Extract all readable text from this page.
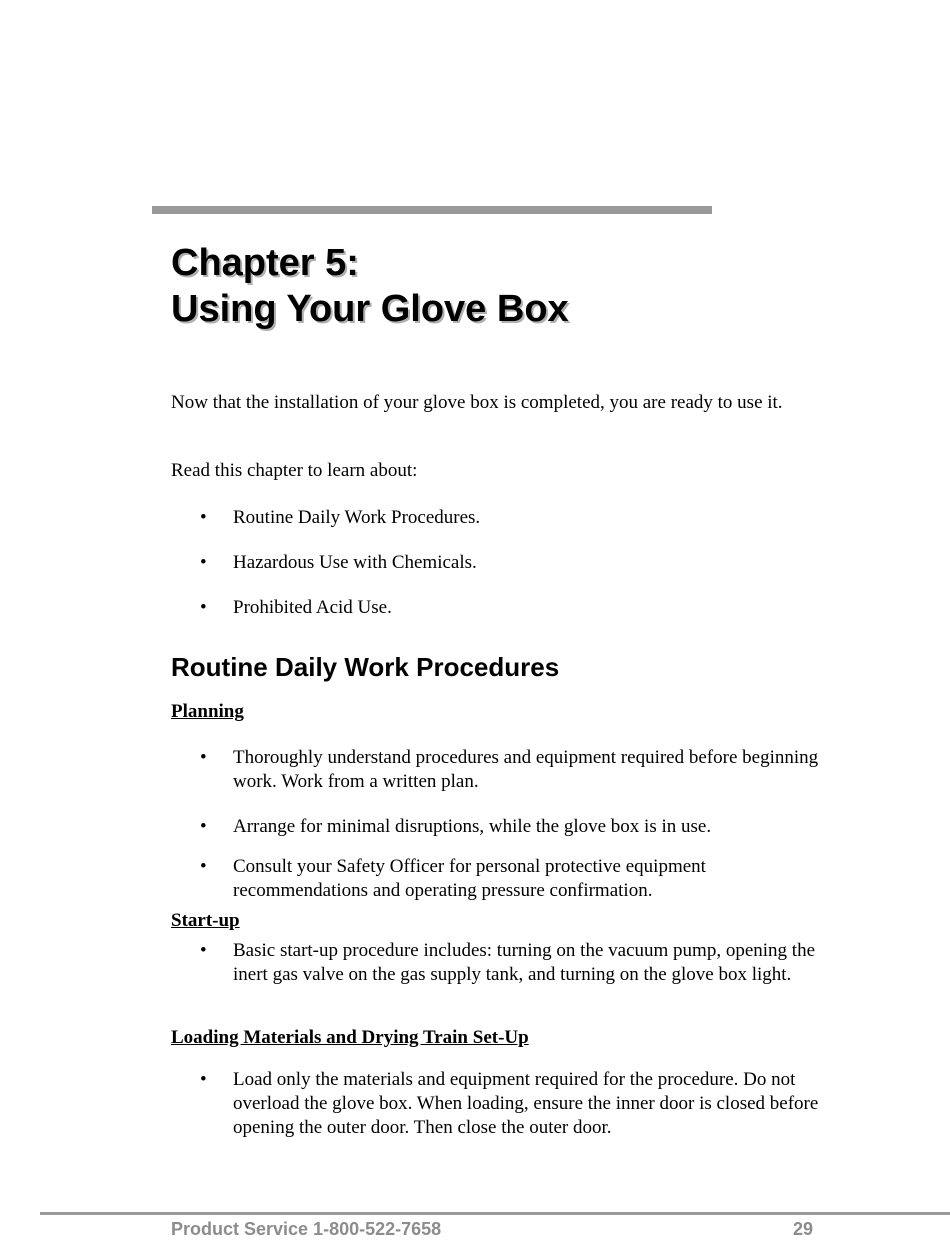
Chapter 5:
Using Your Glove Box

Now that the installation of your glove box is completed, you are ready to use it.

Read this chapter to learn about:

• Routine Daily Work Procedures.
• Hazardous Use with Chemicals.
• Prohibited Acid Use.
Routine Daily Work Procedures
Planning
• Thoroughly understand procedures and equipment required before beginning work. Work from a written plan.
• Arrange for minimal disruptions, while the glove box is in use.
• Consult your Safety Officer for personal protective equipment recommendations and operating pressure confirmation.
Start-up
• Basic start-up procedure includes: turning on the vacuum pump, opening the inert gas valve on the gas supply tank, and turning on the glove box light.
Loading Materials and Drying Train Set-Up
• Load only the materials and equipment required for the procedure. Do not overload the glove box. When loading, ensure the inner door is closed before opening the outer door. Then close the outer door.
Product Service 1-800-522-7658	29
